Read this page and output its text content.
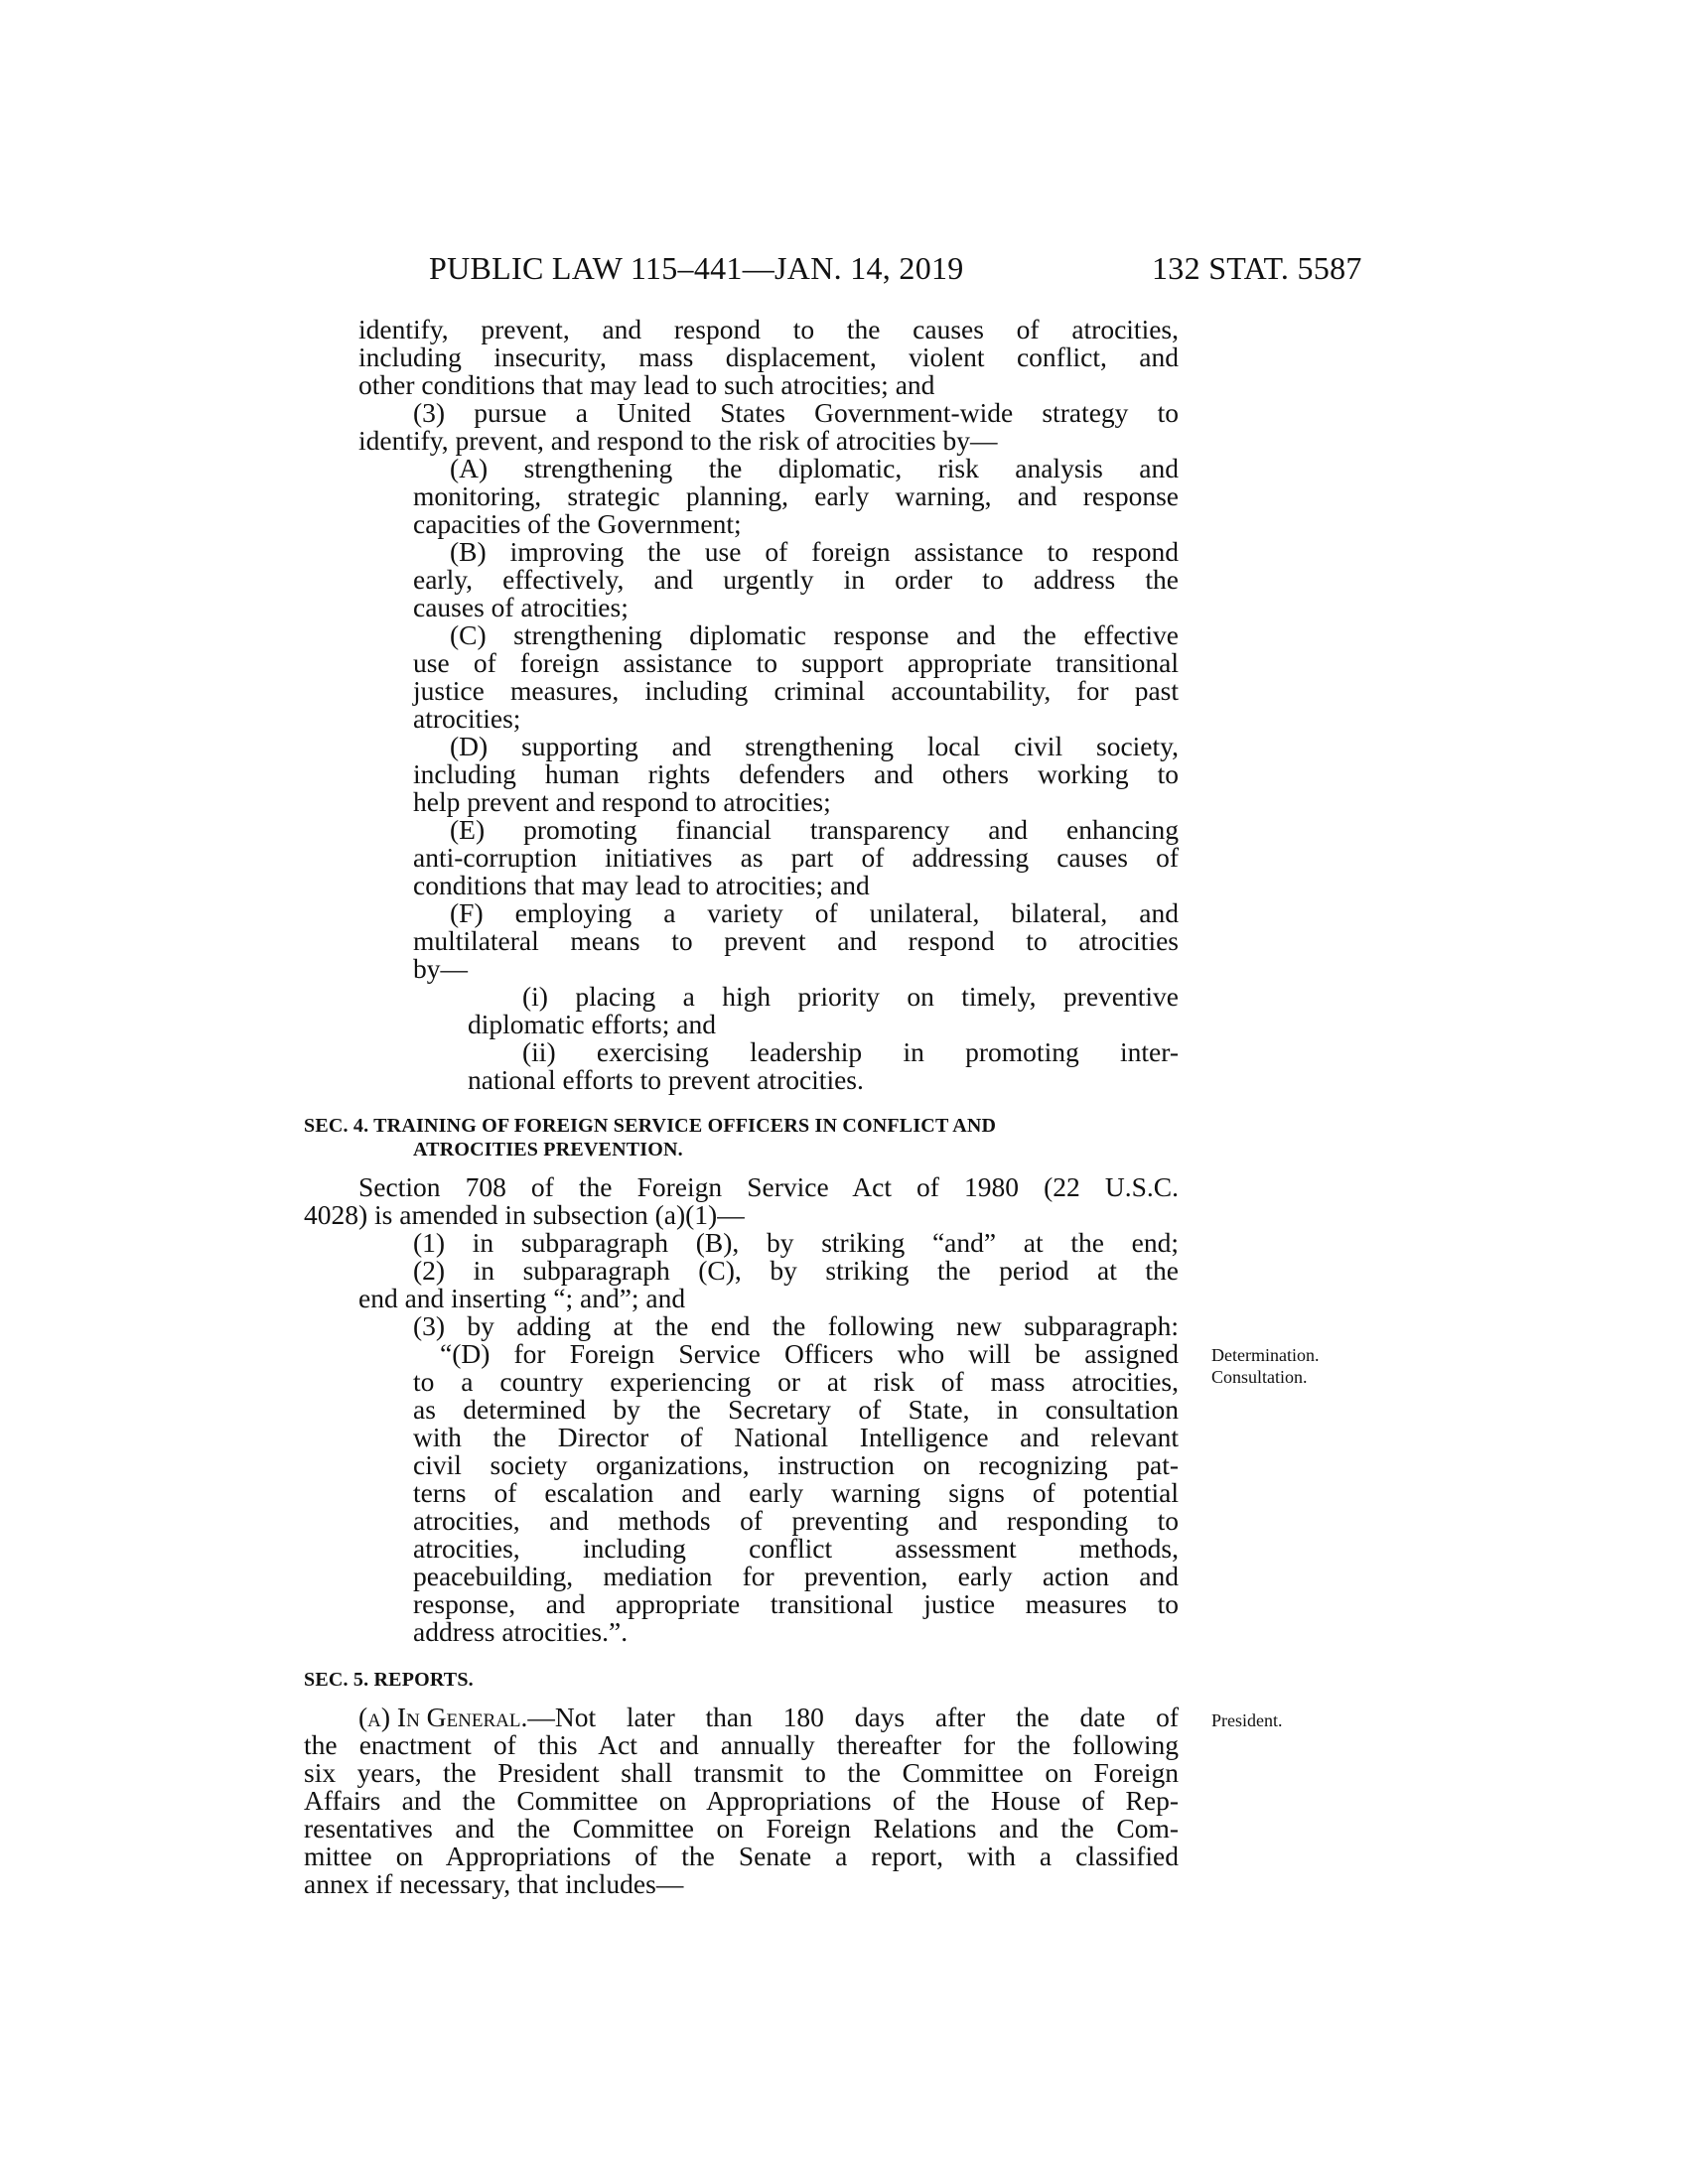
PUBLIC LAW 115–441—JAN. 14, 2019	132 STAT. 5587
identify, prevent, and respond to the causes of atrocities,
including insecurity, mass displacement, violent conflict, and
other conditions that may lead to such atrocities; and
(3) pursue a United States Government-wide strategy to
identify, prevent, and respond to the risk of atrocities by—
(A) strengthening the diplomatic, risk analysis and
monitoring, strategic planning, early warning, and response
capacities of the Government;
(B) improving the use of foreign assistance to respond
early, effectively, and urgently in order to address the
causes of atrocities;
(C) strengthening diplomatic response and the effective
use of foreign assistance to support appropriate transitional
justice measures, including criminal accountability, for past
atrocities;
(D) supporting and strengthening local civil society,
including human rights defenders and others working to
help prevent and respond to atrocities;
(E) promoting financial transparency and enhancing
anti-corruption initiatives as part of addressing causes of
conditions that may lead to atrocities; and
(F) employing a variety of unilateral, bilateral, and
multilateral means to prevent and respond to atrocities
by—
(i) placing a high priority on timely, preventive
diplomatic efforts; and
(ii) exercising leadership in promoting inter-
national efforts to prevent atrocities.
SEC. 4. TRAINING OF FOREIGN SERVICE OFFICERS IN CONFLICT AND
ATROCITIES PREVENTION.
Section 708 of the Foreign Service Act of 1980 (22 U.S.C.
4028) is amended in subsection (a)(1)—
(1) in subparagraph (B), by striking “and” at the end;
(2) in subparagraph (C), by striking the period at the
end and inserting “; and”; and
(3) by adding at the end the following new subparagraph:
“(D) for Foreign Service Officers who will be assigned
to a country experiencing or at risk of mass atrocities,
as determined by the Secretary of State, in consultation
with the Director of National Intelligence and relevant
civil society organizations, instruction on recognizing pat-
terns of escalation and early warning signs of potential
atrocities, and methods of preventing and responding to
atrocities, including conflict assessment methods,
peacebuilding, mediation for prevention, early action and
response, and appropriate transitional justice measures to
address atrocities.”.
Determination.
Consultation.
SEC. 5. REPORTS.
(a) In General. —Not later than 180 days after the date of
the enactment of this Act and annually thereafter for the following
six years, the President shall transmit to the Committee on Foreign
Affairs and the Committee on Appropriations of the House of Rep-
resentatives and the Committee on Foreign Relations and the Com-
mittee on Appropriations of the Senate a report, with a classified
annex if necessary, that includes—
President.
